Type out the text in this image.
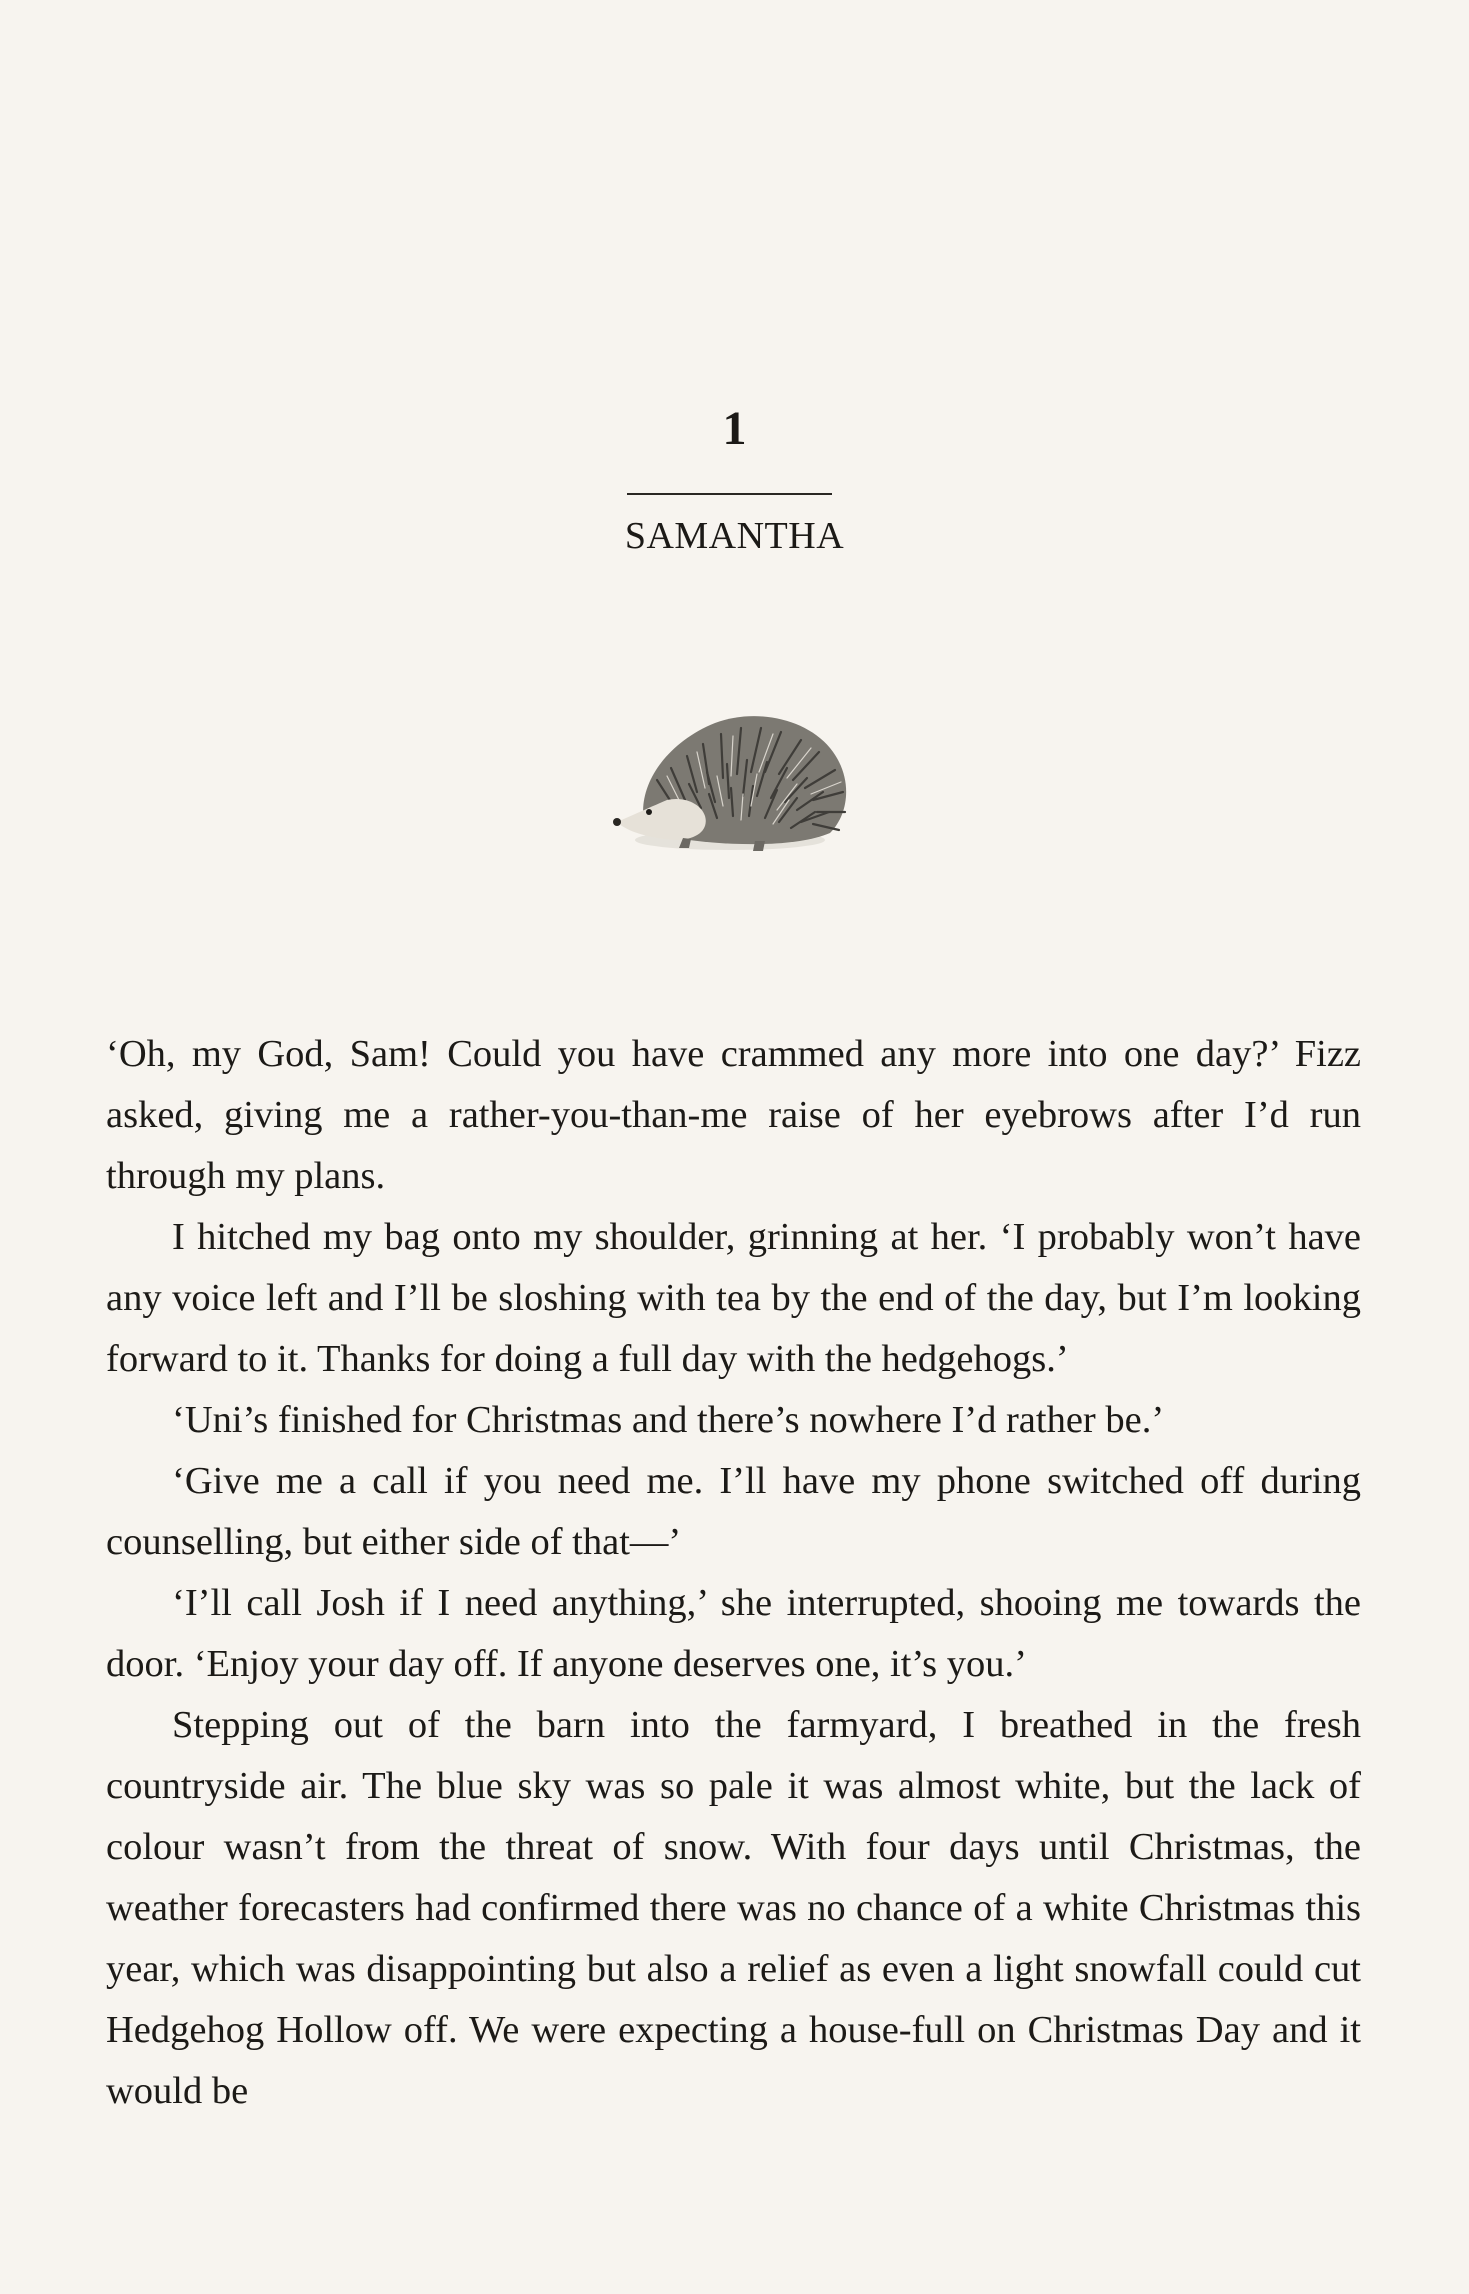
1
SAMANTHA

‘Oh, my God, Sam! Could you have crammed any more into one day?’ Fizz asked, giving me a rather-you-than-me raise of her eyebrows after I’d run through my plans.

I hitched my bag onto my shoulder, grinning at her. ‘I probably won’t have any voice left and I’ll be sloshing with tea by the end of the day, but I’m looking forward to it. Thanks for doing a full day with the hedgehogs.’

‘Uni’s finished for Christmas and there’s nowhere I’d rather be.’

‘Give me a call if you need me. I’ll have my phone switched off during counselling, but either side of that—’

‘I’ll call Josh if I need anything,’ she interrupted, shooing me towards the door. ‘Enjoy your day off. If anyone deserves one, it’s you.’

Stepping out of the barn into the farmyard, I breathed in the fresh countryside air. The blue sky was so pale it was almost white, but the lack of colour wasn’t from the threat of snow. With four days until Christmas, the weather forecasters had confirmed there was no chance of a white Christmas this year, which was disappointing but also a relief as even a light snowfall could cut Hedgehog Hollow off. We were expecting a house-full on Christmas Day and it would be
